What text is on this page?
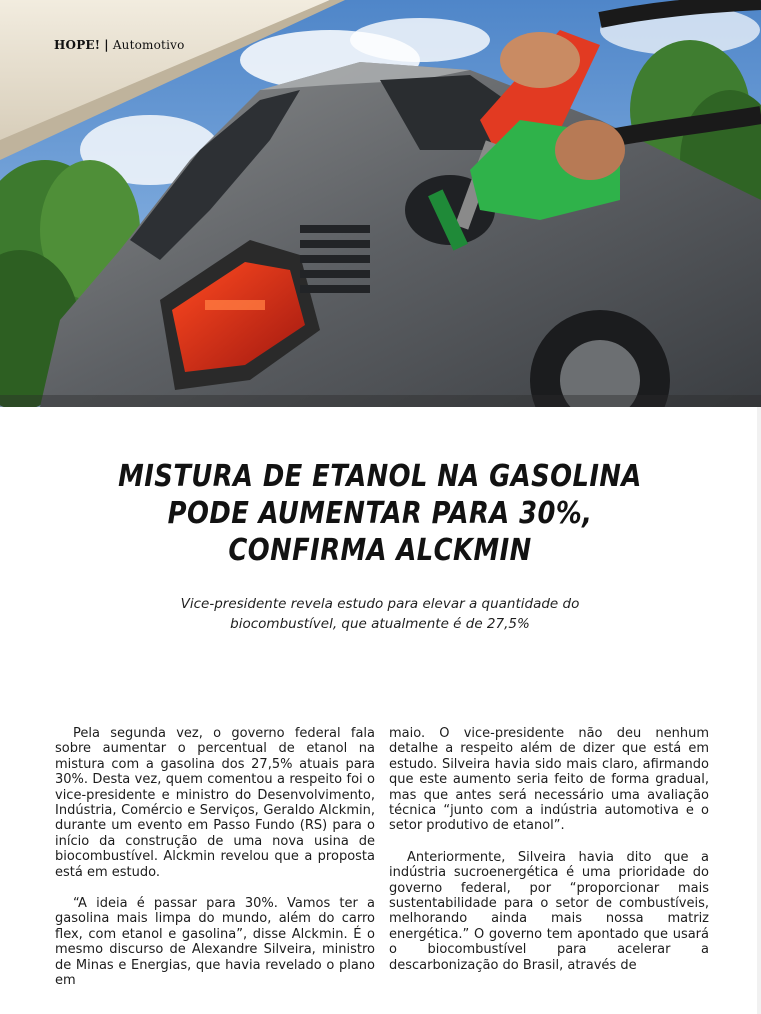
HOPE! | Automotivo
MISTURA DE ETANOL NA GASOLINA PODE AUMENTAR PARA 30%, CONFIRMA ALCKMIN
Vice-presidente revela estudo para elevar a quantidade do biocombustível, que atualmente é de 27,5%

Pela segunda vez, o governo federal fala sobre aumentar o percentual de etanol na mistura com a gasolina dos 27,5% atuais para 30%. Desta vez, quem comentou a respeito foi o vice-presidente e ministro do Desenvolvimento, Indústria, Comércio e Serviços, Geraldo Alckmin, durante um evento em Passo Fundo (RS) para o início da construção de uma nova usina de biocombustível. Alckmin revelou que a proposta está em estudo.

“A ideia é passar para 30%. Vamos ter a gasolina mais limpa do mundo, além do carro flex, com etanol e gasolina”, disse Alckmin. É o mesmo discurso de Alexandre Silveira, ministro de Minas e Energias, que havia revelado o plano em

maio. O vice-presidente não deu nenhum detalhe a respeito além de dizer que está em estudo. Silveira havia sido mais claro, afirmando que este aumento seria feito de forma gradual, mas que antes será necessário uma avaliação técnica “junto com a indústria automotiva e o setor produtivo de etanol”.

Anteriormente, Silveira havia dito que a indústria sucroenergética é uma prioridade do governo federal, por “proporcionar mais sustentabilidade para o setor de combustíveis, melhorando ainda mais nossa matriz energética.” O governo tem apontado que usará o biocombustível para acelerar a descarbonização do Brasil, através de
